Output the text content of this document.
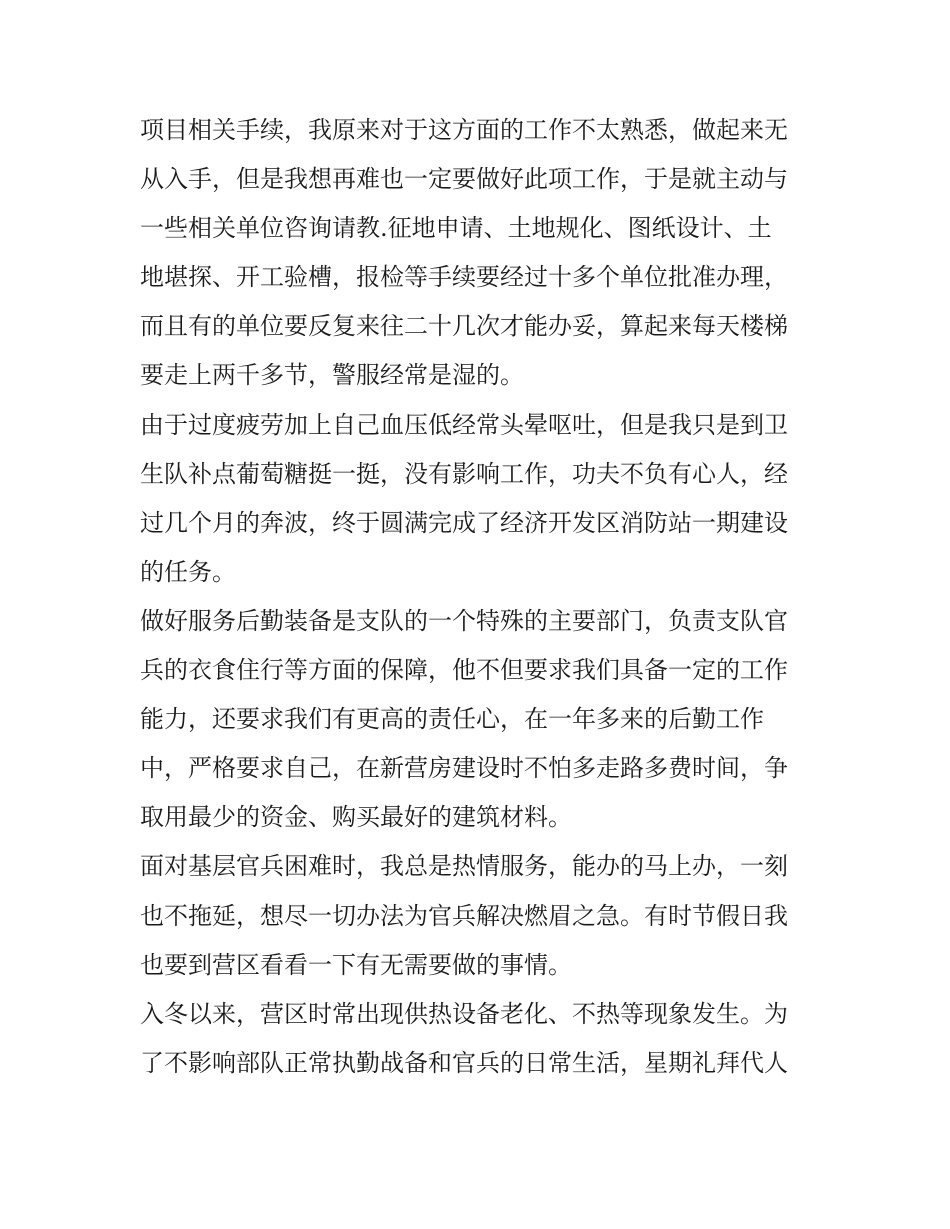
项目相关手续，我原来对于这方面的工作不太熟悉，做起来无
从入手，但是我想再难也一定要做好此项工作，于是就主动与
一些相关单位咨询请教.征地申请、土地规化、图纸设计、土
地堪探、开工验槽，报检等手续要经过十多个单位批准办理，
而且有的单位要反复来往二十几次才能办妥，算起来每天楼梯
要走上两千多节，警服经常是湿的。
由于过度疲劳加上自己血压低经常头晕呕吐，但是我只是到卫
生队补点葡萄糖挺一挺，没有影响工作，功夫不负有心人，经
过几个月的奔波，终于圆满完成了经济开发区消防站一期建设
的任务。
做好服务后勤装备是支队的一个特殊的主要部门，负责支队官
兵的衣食住行等方面的保障，他不但要求我们具备一定的工作
能力，还要求我们有更高的责任心，在一年多来的后勤工作
中，严格要求自己，在新营房建设时不怕多走路多费时间，争
取用最少的资金、购买最好的建筑材料。
面对基层官兵困难时，我总是热情服务，能办的马上办，一刻
也不拖延，想尽一切办法为官兵解决燃眉之急。有时节假日我
也要到营区看看一下有无需要做的事情。
入冬以来，营区时常出现供热设备老化、不热等现象发生。为
了不影响部队正常执勤战备和官兵的日常生活，星期礼拜代人
